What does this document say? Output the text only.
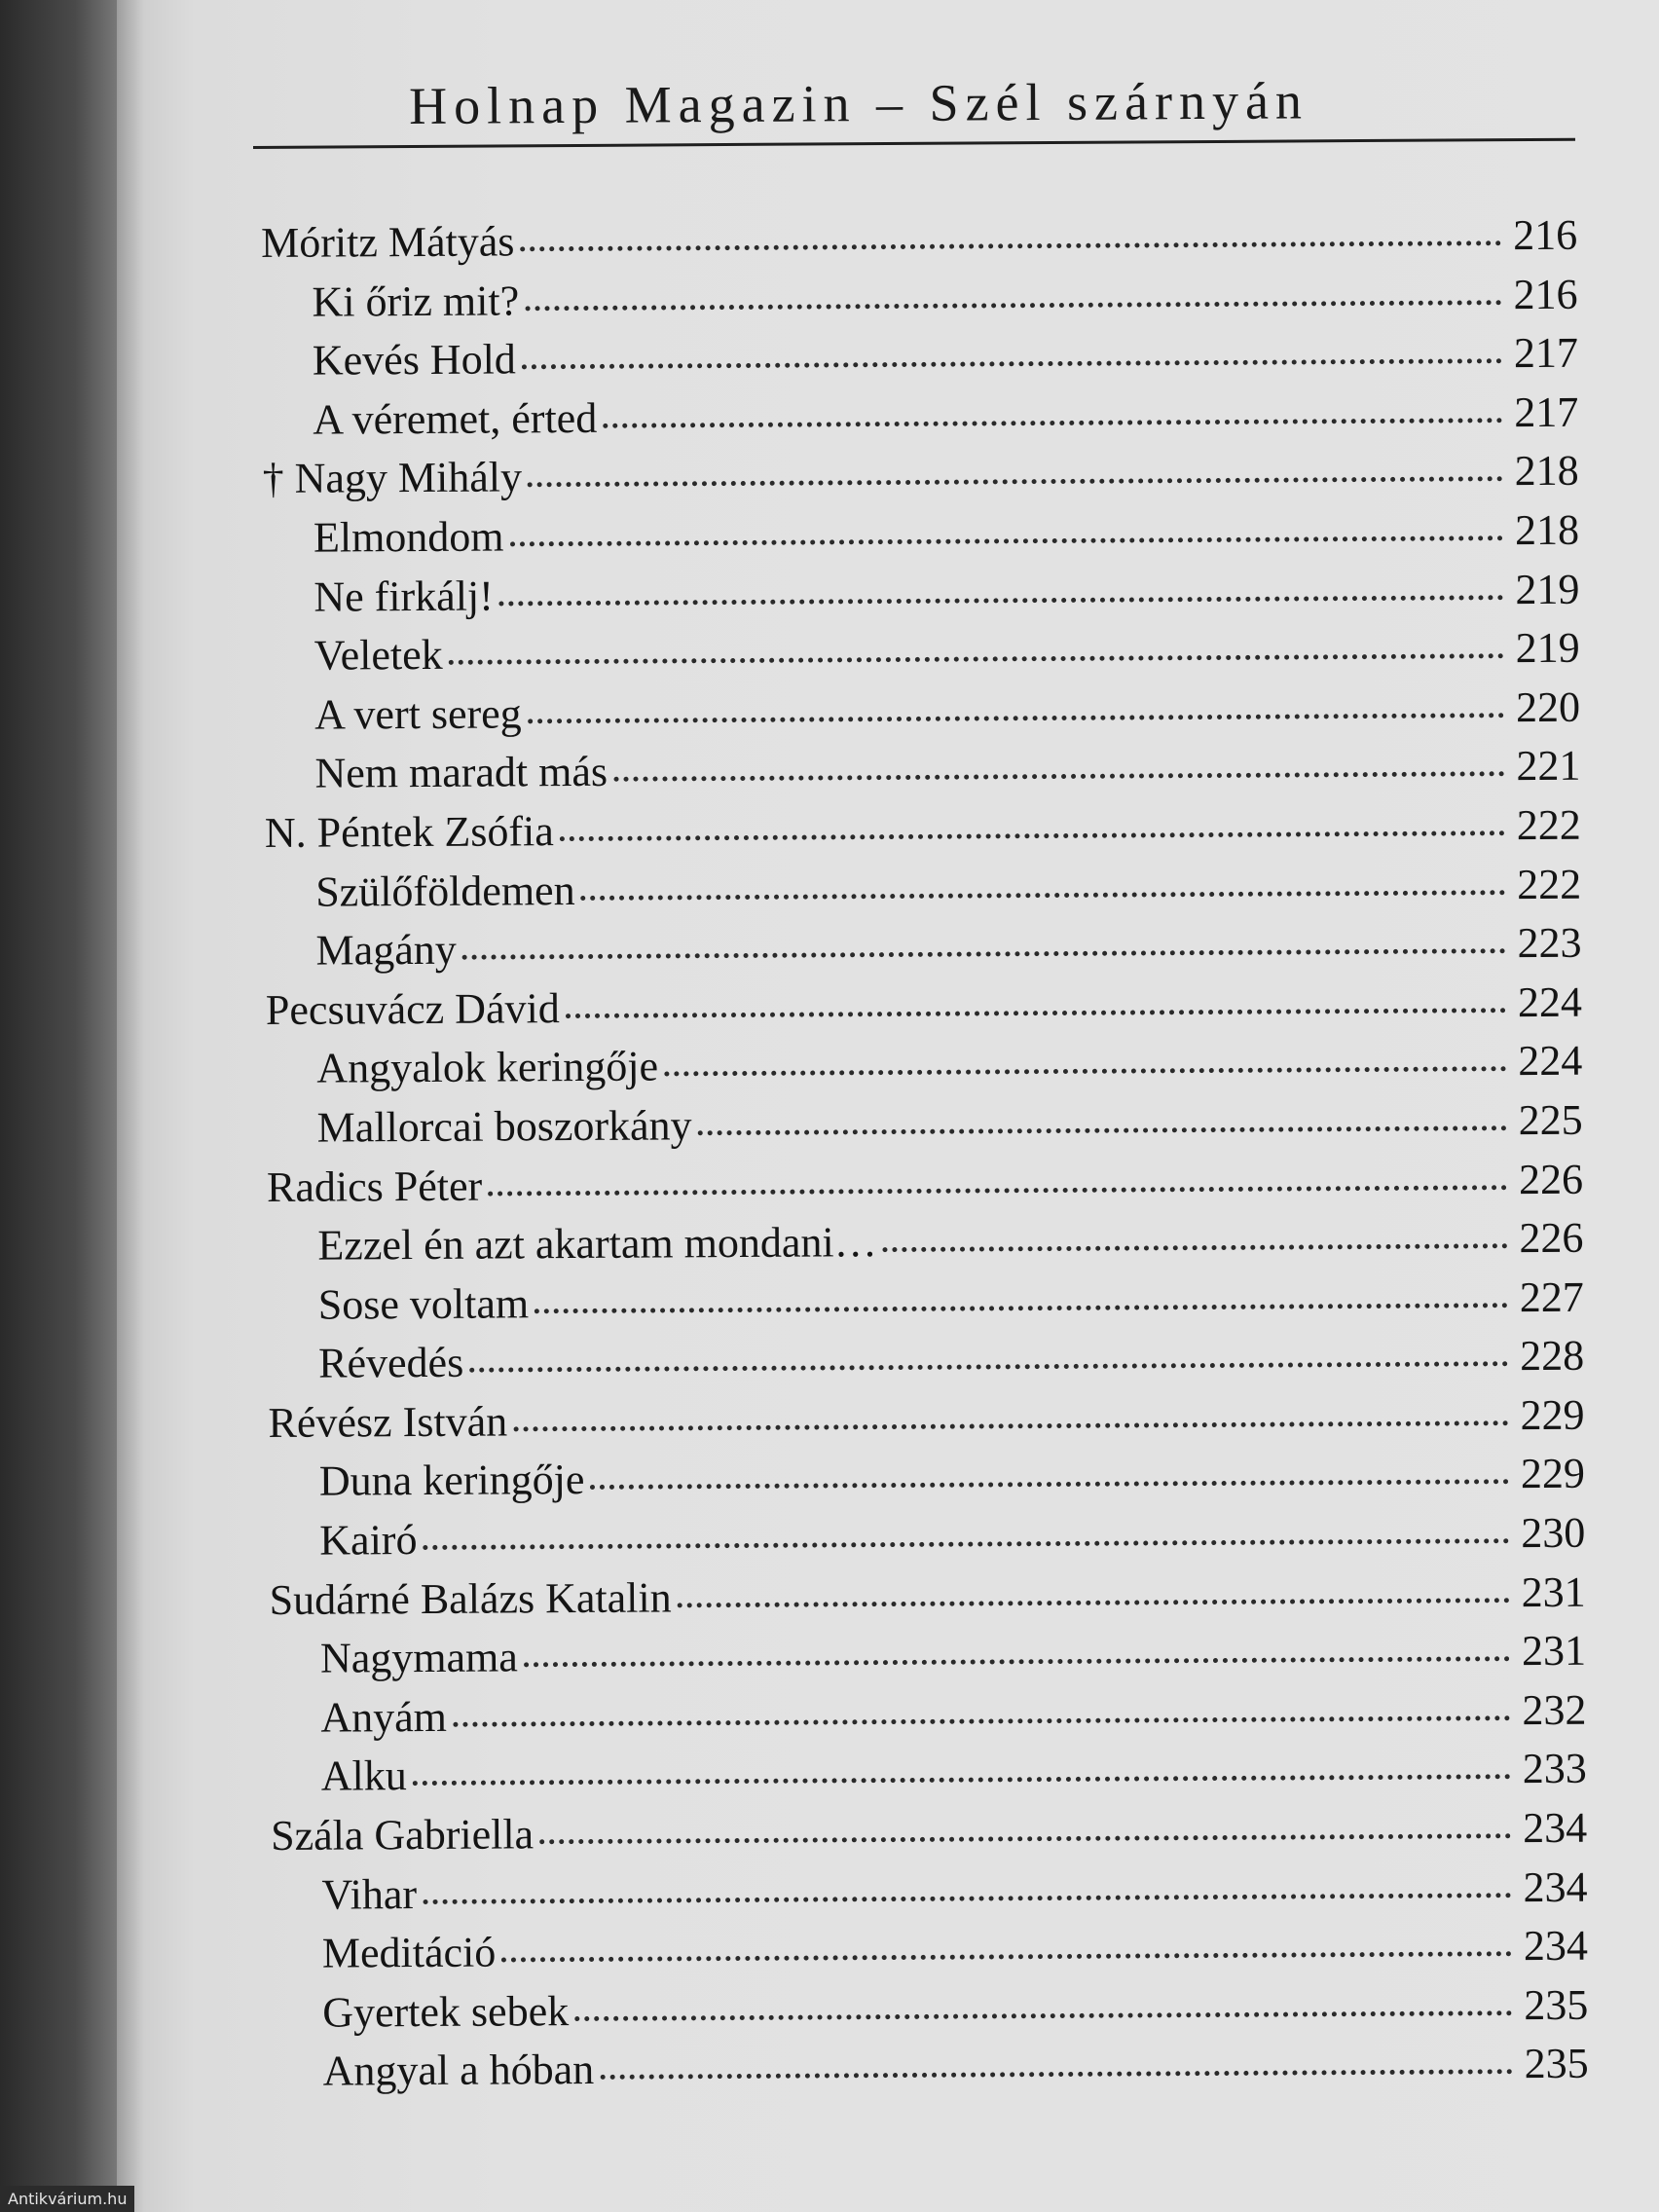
Holnap Magazin – Szél szárnyán
Móritz Mátyás	216
Ki őriz mit?	216
Kevés Hold	217
A véremet, érted	217
† Nagy Mihály	218
Elmondom	218
Ne firkálj!	219
Veletek	219
A vert sereg	220
Nem maradt más	221
N. Péntek Zsófia	222
Szülőföldemen	222
Magány	223
Pecsuvácz Dávid	224
Angyalok keringője	224
Mallorcai boszorkány	225
Radics Péter	226
Ezzel én azt akartam mondani…	226
Sose voltam	227
Révedés	228
Révész István	229
Duna keringője	229
Kairó	230
Sudárné Balázs Katalin	231
Nagymama	231
Anyám	232
Alku	233
Szála Gabriella	234
Vihar	234
Meditáció	234
Gyertek sebek	235
Angyal a hóban	235
Antikvárium.hu
